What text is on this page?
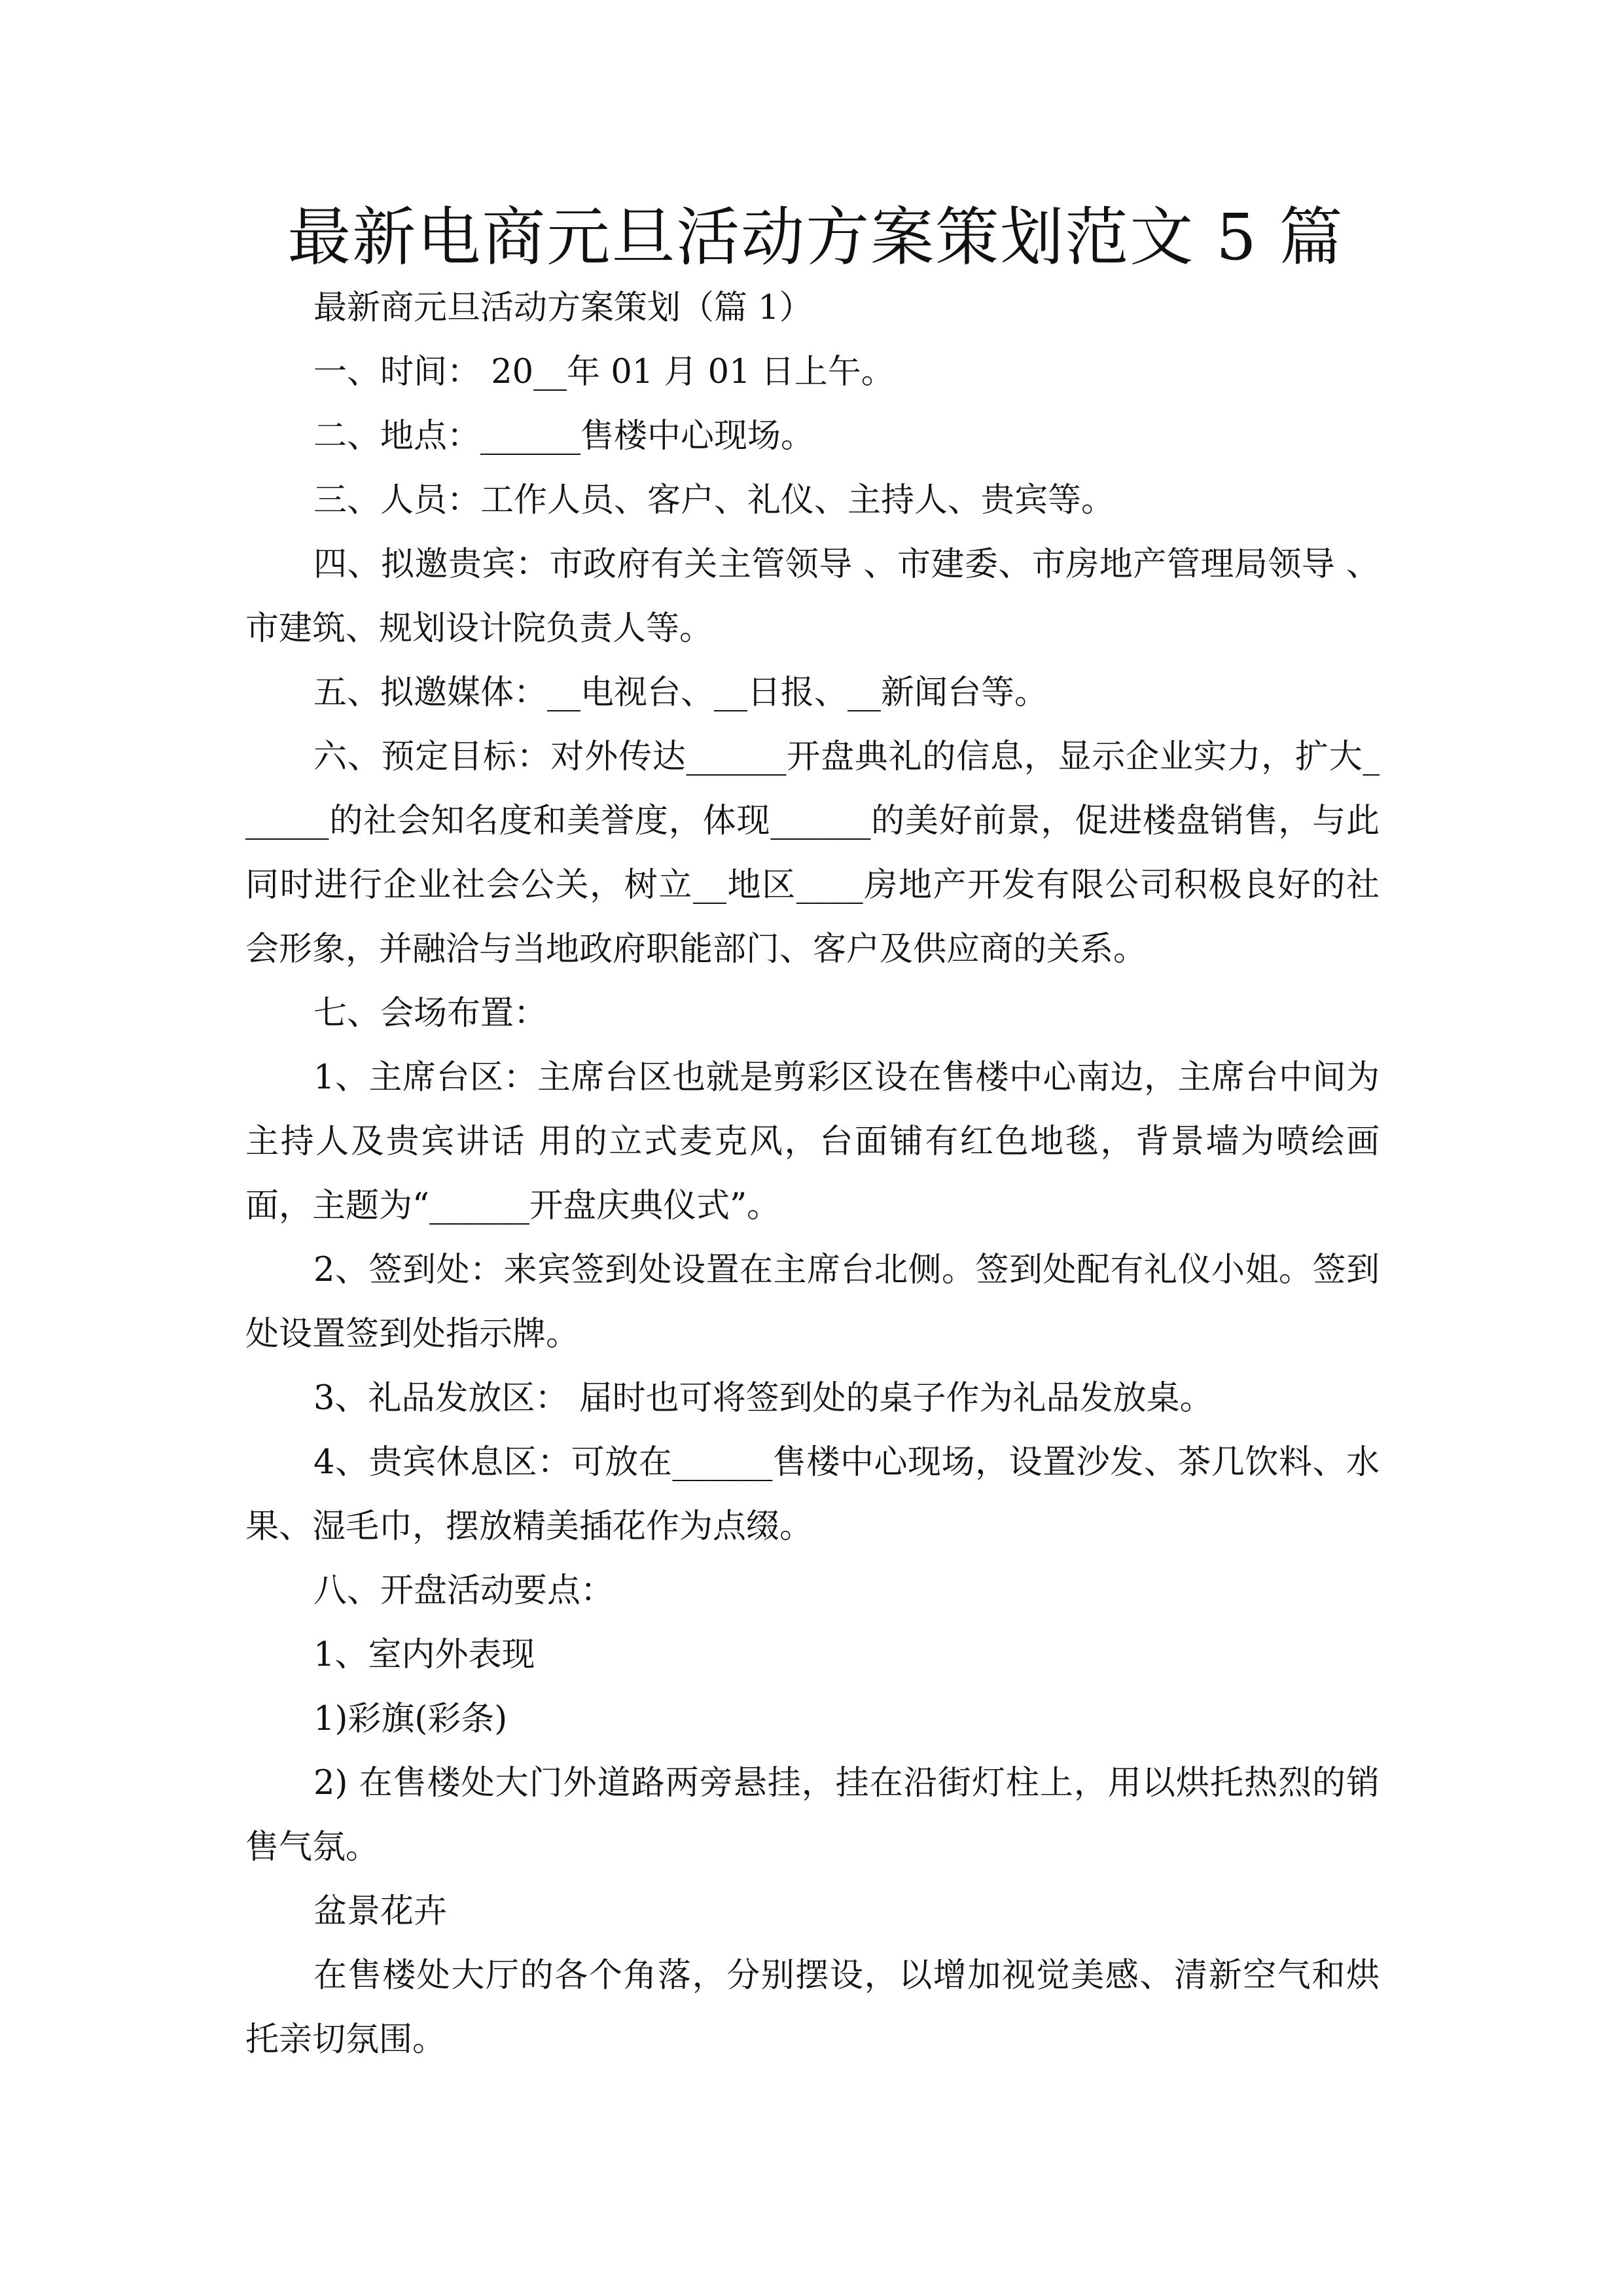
最新电商元旦活动方案策划范文 5 篇

最新商元旦活动方案策划（篇 1）

一、时间： 20__年 01 月 01 日上午。

二、地点：______售楼中心现场。

三、人员：工作人员、客户、礼仪、主持人、贵宾等。

四、拟邀贵宾：市政府有关主管领导 、市建委、市房地产管理局领导 、市建筑、规划设计院负责人等。

五、拟邀媒体：__电视台、__日报、__新闻台等。

六、预定目标：对外传达______开盘典礼的信息，显示企业实力，扩大______的社会知名度和美誉度，体现______的美好前景，促进楼盘销售，与此同时进行企业社会公关，树立__地区____房地产开发有限公司积极良好的社会形象，并融洽与当地政府职能部门、客户及供应商的关系。

七、会场布置：

1、主席台区：主席台区也就是剪彩区设在售楼中心南边，主席台中间为主持人及贵宾讲话 用的立式麦克风，台面铺有红色地毯，背景墙为喷绘画面，主题为“______开盘庆典仪式”。

2、签到处：来宾签到处设置在主席台北侧。签到处配有礼仪小姐。签到处设置签到处指示牌。

3、礼品发放区： 届时也可将签到处的桌子作为礼品发放桌。

4、贵宾休息区：可放在______售楼中心现场，设置沙发、茶几饮料、水果、湿毛巾，摆放精美插花作为点缀。

八、开盘活动要点：

1、室内外表现

1)彩旗(彩条)

2) 在售楼处大门外道路两旁悬挂，挂在沿街灯柱上，用以烘托热烈的销售气氛。

盆景花卉

在售楼处大厅的各个角落，分别摆设，以增加视觉美感、清新空气和烘托亲切氛围。
